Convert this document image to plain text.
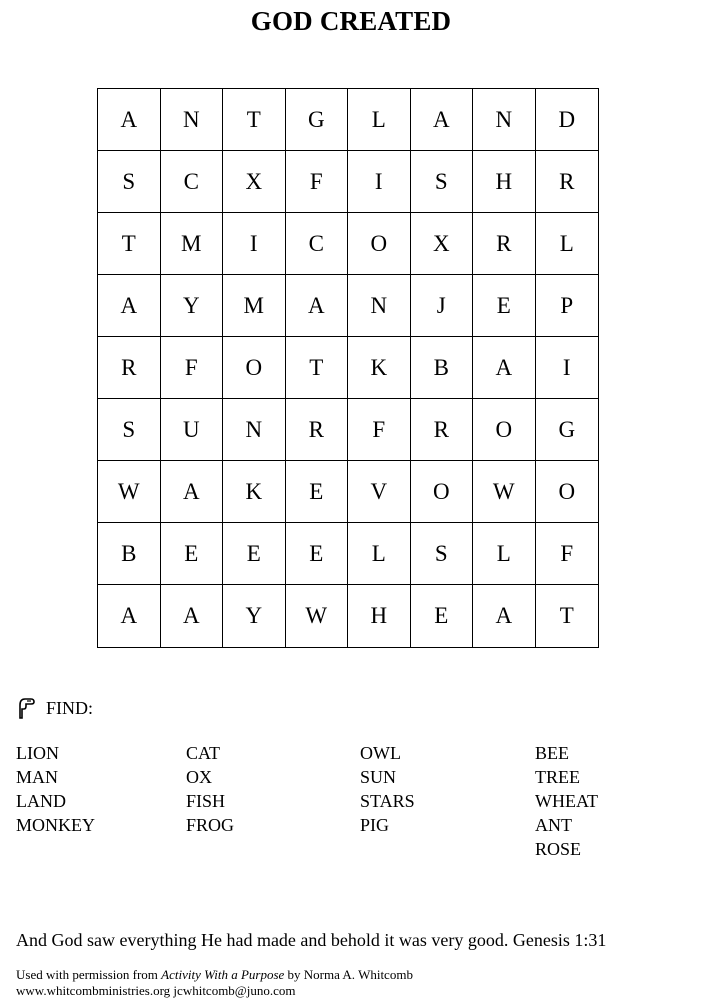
GOD CREATED
A	N	T	G	L	A	N	D
S	C	X	F	I	S	H	R
T	M	I	C	O	X	R	L
A	Y	M	A	N	J	E	P
R	F	O	T	K	B	A	I
S	U	N	R	F	R	O	G
W	A	K	E	V	O	W	O
B	E	E	E	L	S	L	F
A	A	Y	W	H	E	A	T
FIND:
LION
MAN
LAND
MONKEY
CAT
OX
FISH
FROG
OWL
SUN
STARS
PIG
BEE
TREE
WHEAT
ANT
ROSE
And God saw everything He had made and behold it was very good. Genesis 1:31
Used with permission from Activity With a Purpose by Norma A. Whitcomb
www.whitcombministries.org jcwhitcomb@juno.com
